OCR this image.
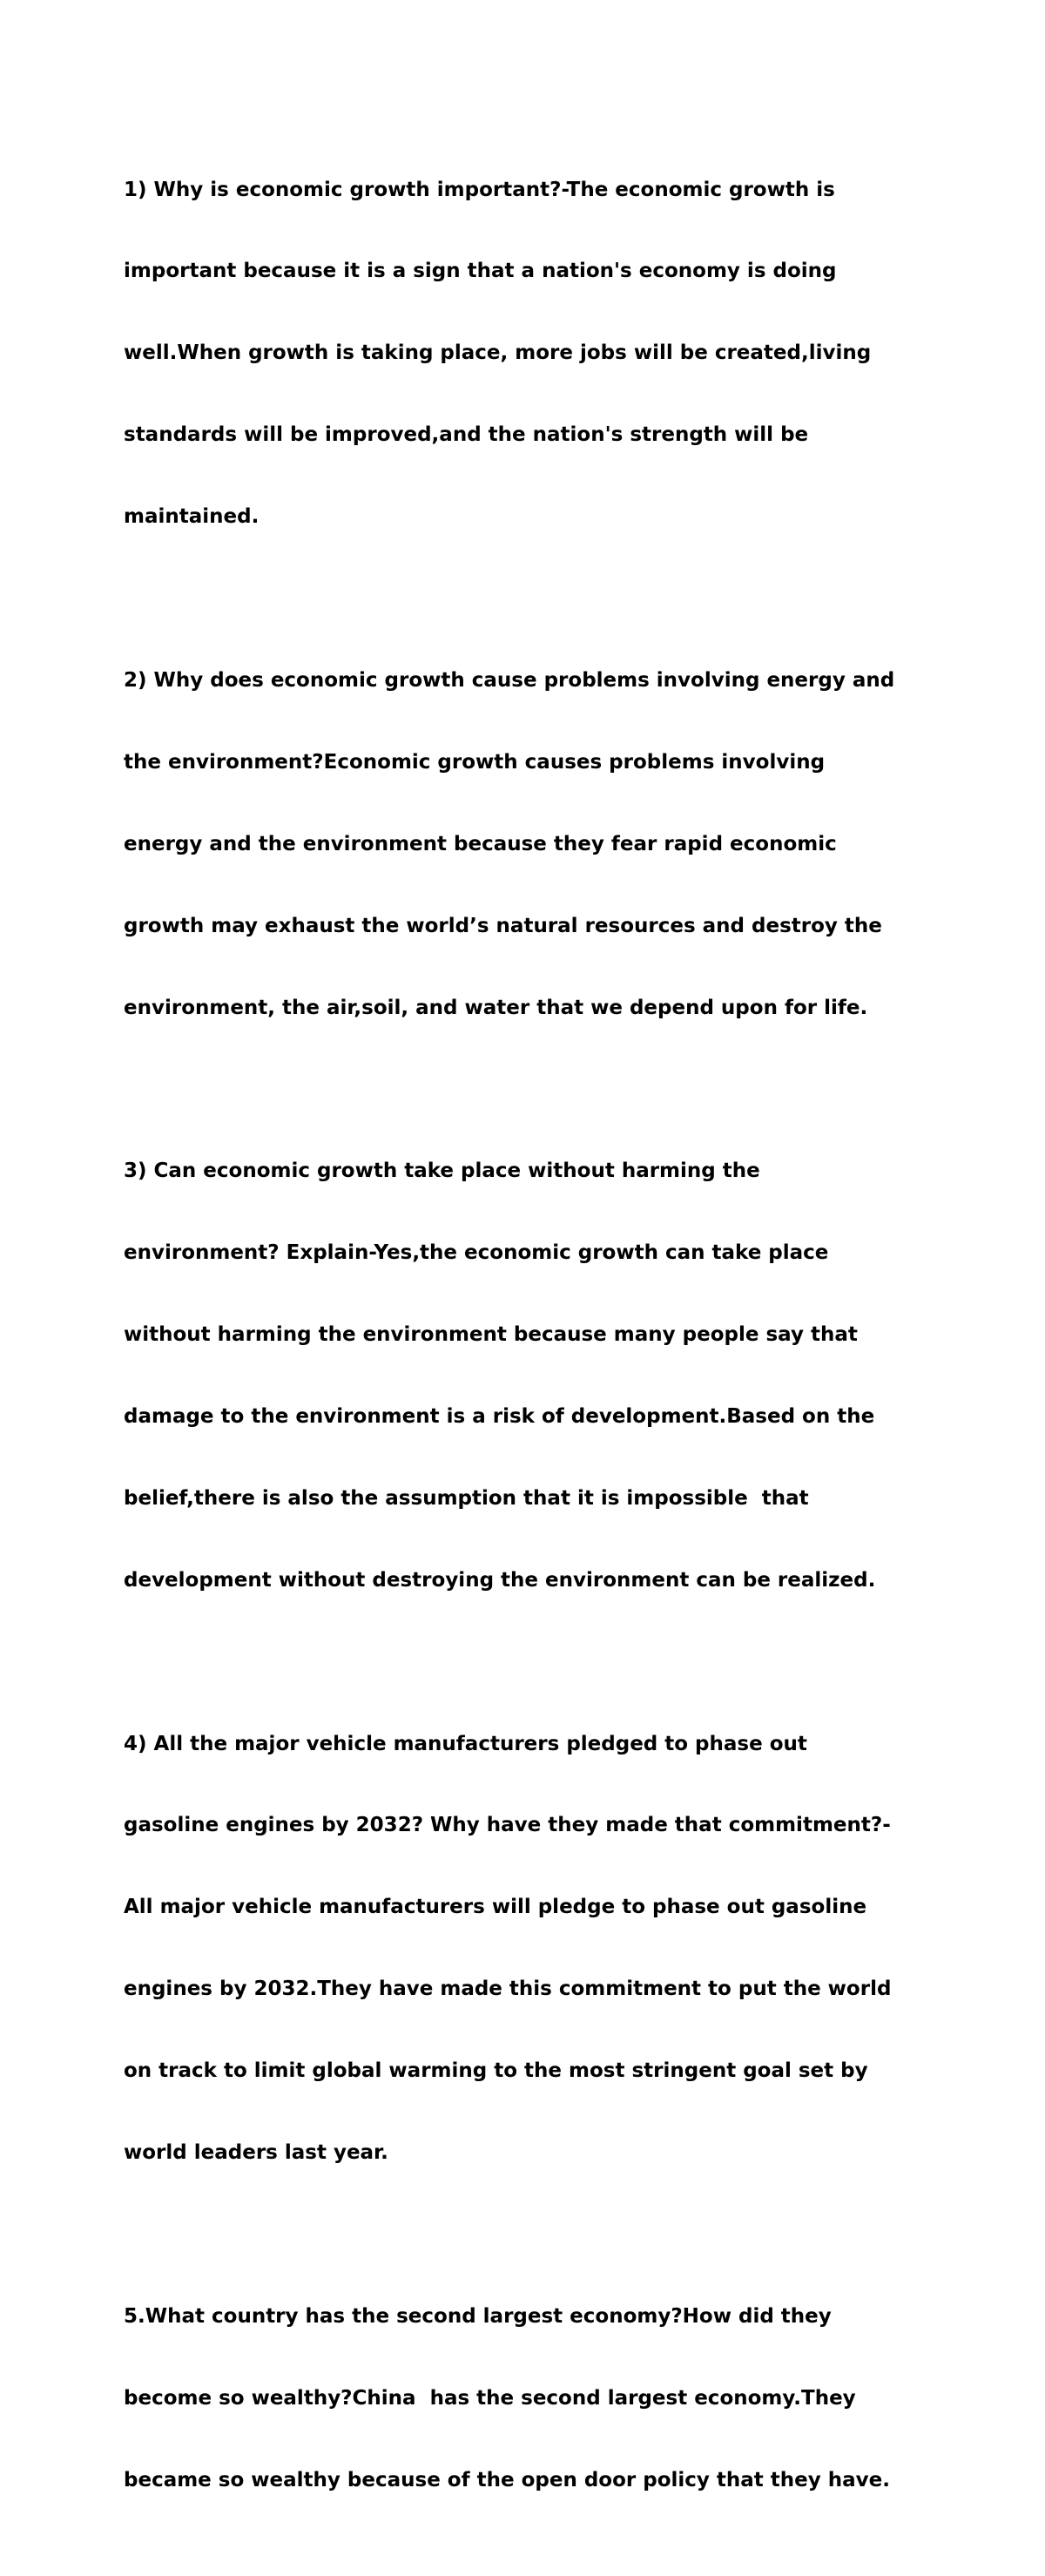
1) Why is economic growth important?-The economic growth is

important because it is a sign that a nation's economy is doing

well.When growth is taking place, more jobs will be created,living

standards will be improved,and the nation's strength will be

maintained.

2) Why does economic growth cause problems involving energy and

the environment?Economic growth causes problems involving

energy and the environment because they fear rapid economic

growth may exhaust the world’s natural resources and destroy the

environment, the air,soil, and water that we depend upon for life.

3) Can economic growth take place without harming the

environment? Explain-Yes,the economic growth can take place

without harming the environment because many people say that

damage to the environment is a risk of development.Based on the

belief,there is also the assumption that it is impossible  that

development without destroying the environment can be realized.

4) All the major vehicle manufacturers pledged to phase out

gasoline engines by 2032? Why have they made that commitment?-

All major vehicle manufacturers will pledge to phase out gasoline

engines by 2032.They have made this commitment to put the world

on track to limit global warming to the most stringent goal set by

world leaders last year.

5.What country has the second largest economy?How did they

become so wealthy?China  has the second largest economy.They

became so wealthy because of the open door policy that they have.
